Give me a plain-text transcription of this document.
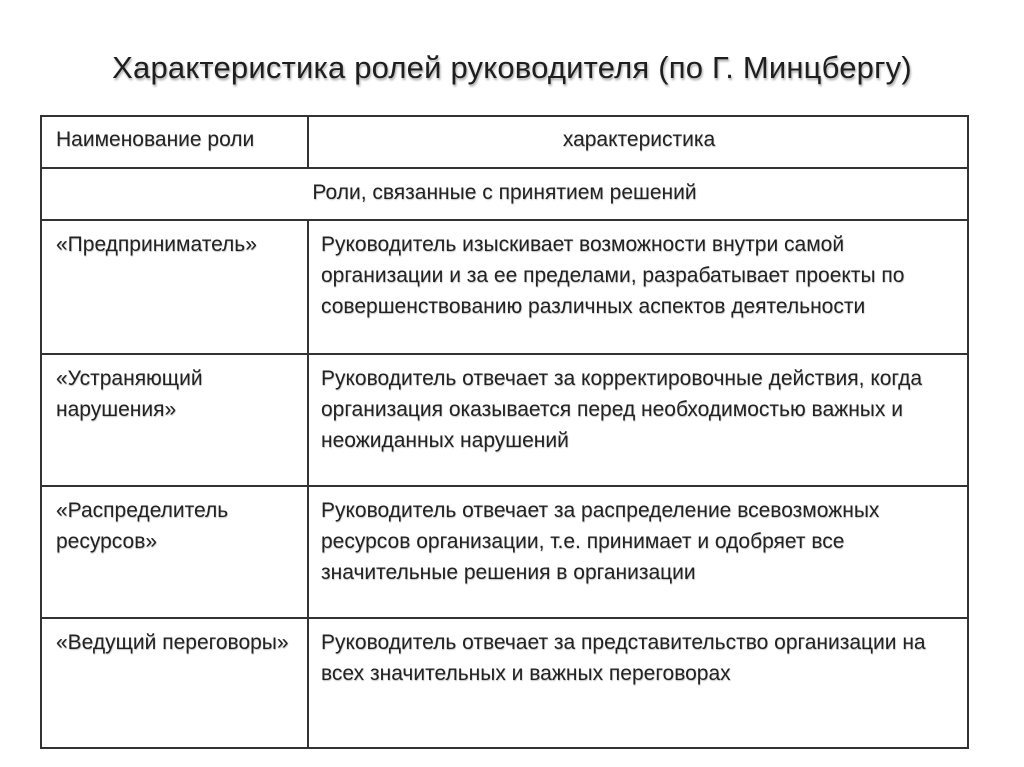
Характеристика ролей руководителя (по Г. Минцбергу)
Наименование роли	характеристика
Роли, связанные с принятием решений	
«Предприниматель»	Руководитель изыскивает возможности внутри самой организации и за ее пределами, разрабатывает проекты по совершенствованию различных аспектов деятельности
«Устраняющий нарушения»	Руководитель отвечает за корректировочные действия, когда организация оказывается перед необходимостью важных и неожиданных нарушений
«Распределитель ресурсов»	Руководитель отвечает за распределение всевозможных ресурсов организации, т.е. принимает и одобряет все значительные решения в организации
«Ведущий переговоры»	Руководитель отвечает за представительство организации на всех значительных и важных переговорах
